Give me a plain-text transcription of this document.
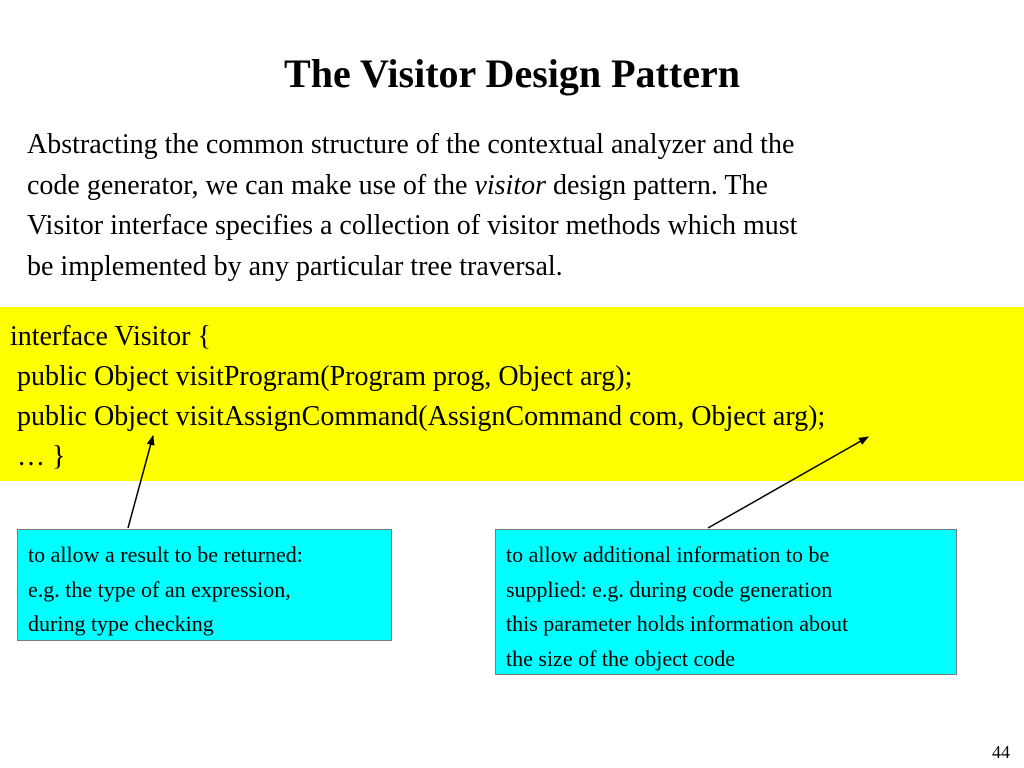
The Visitor Design Pattern

Abstracting the common structure of the contextual analyzer and the
code generator, we can make use of the visitor design pattern. The
Visitor interface specifies a collection of visitor methods which must
be implemented by any particular tree traversal.

interface Visitor {
public Object visitProgram(Program prog, Object arg);
public Object visitAssignCommand(AssignCommand com, Object arg);
… }
to allow a result to be returned:
e.g. the type of an expression,
during type checking
to allow additional information to be
supplied: e.g. during code generation
this parameter holds information about
the size of the object code
44
